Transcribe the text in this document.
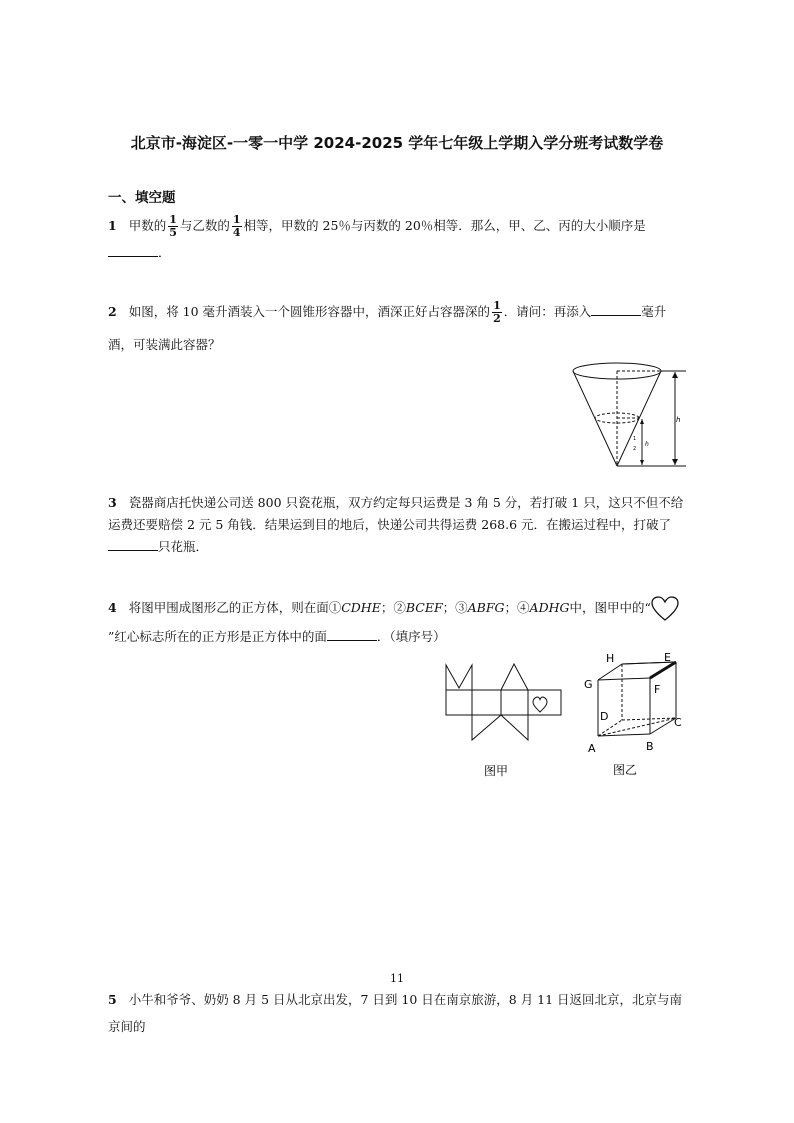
北京市-海淀区-一零一中学 2024-2025 学年七年级上学期入学分班考试数学卷
一、填空题
1 甲数的 $\frac{1}{5}$ 与乙数的 $\frac{1}{4}$ 相等，甲数的 25％与丙数的 20％相等．那么，甲、乙、丙的大小顺序是．
2 如图，将 10 毫升酒装入一个圆锥形容器中，酒深正好占容器深的 $\frac{1}{2}$ ．请问：再添入	毫升酒，可装满此容器？
h
1
2
h
3 瓷器商店托快递公司送 800 只瓷花瓶，双方约定每只运费是 3 角 5 分，若打破 1 只，这只不但不给运费还要赔偿 2 元 5 角钱．结果运到目的地后，快递公司共得运费 268.6 元．在搬运过程中，打破了只花瓶．
4 将图甲围成图形乙的正方体，则在面①CDHE；②BCEF；③ABFG；④ADHG中，图甲中的“”红心标志所在的正方形是正方体中的面	．（填序号）
图甲
A	B
C
D
E
F
G
H
图乙
11
5 小牛和爷爷、奶奶 8 月 5 日从北京出发，7 日到 10 日在南京旅游，8 月 11 日返回北京，北京与南京间的
